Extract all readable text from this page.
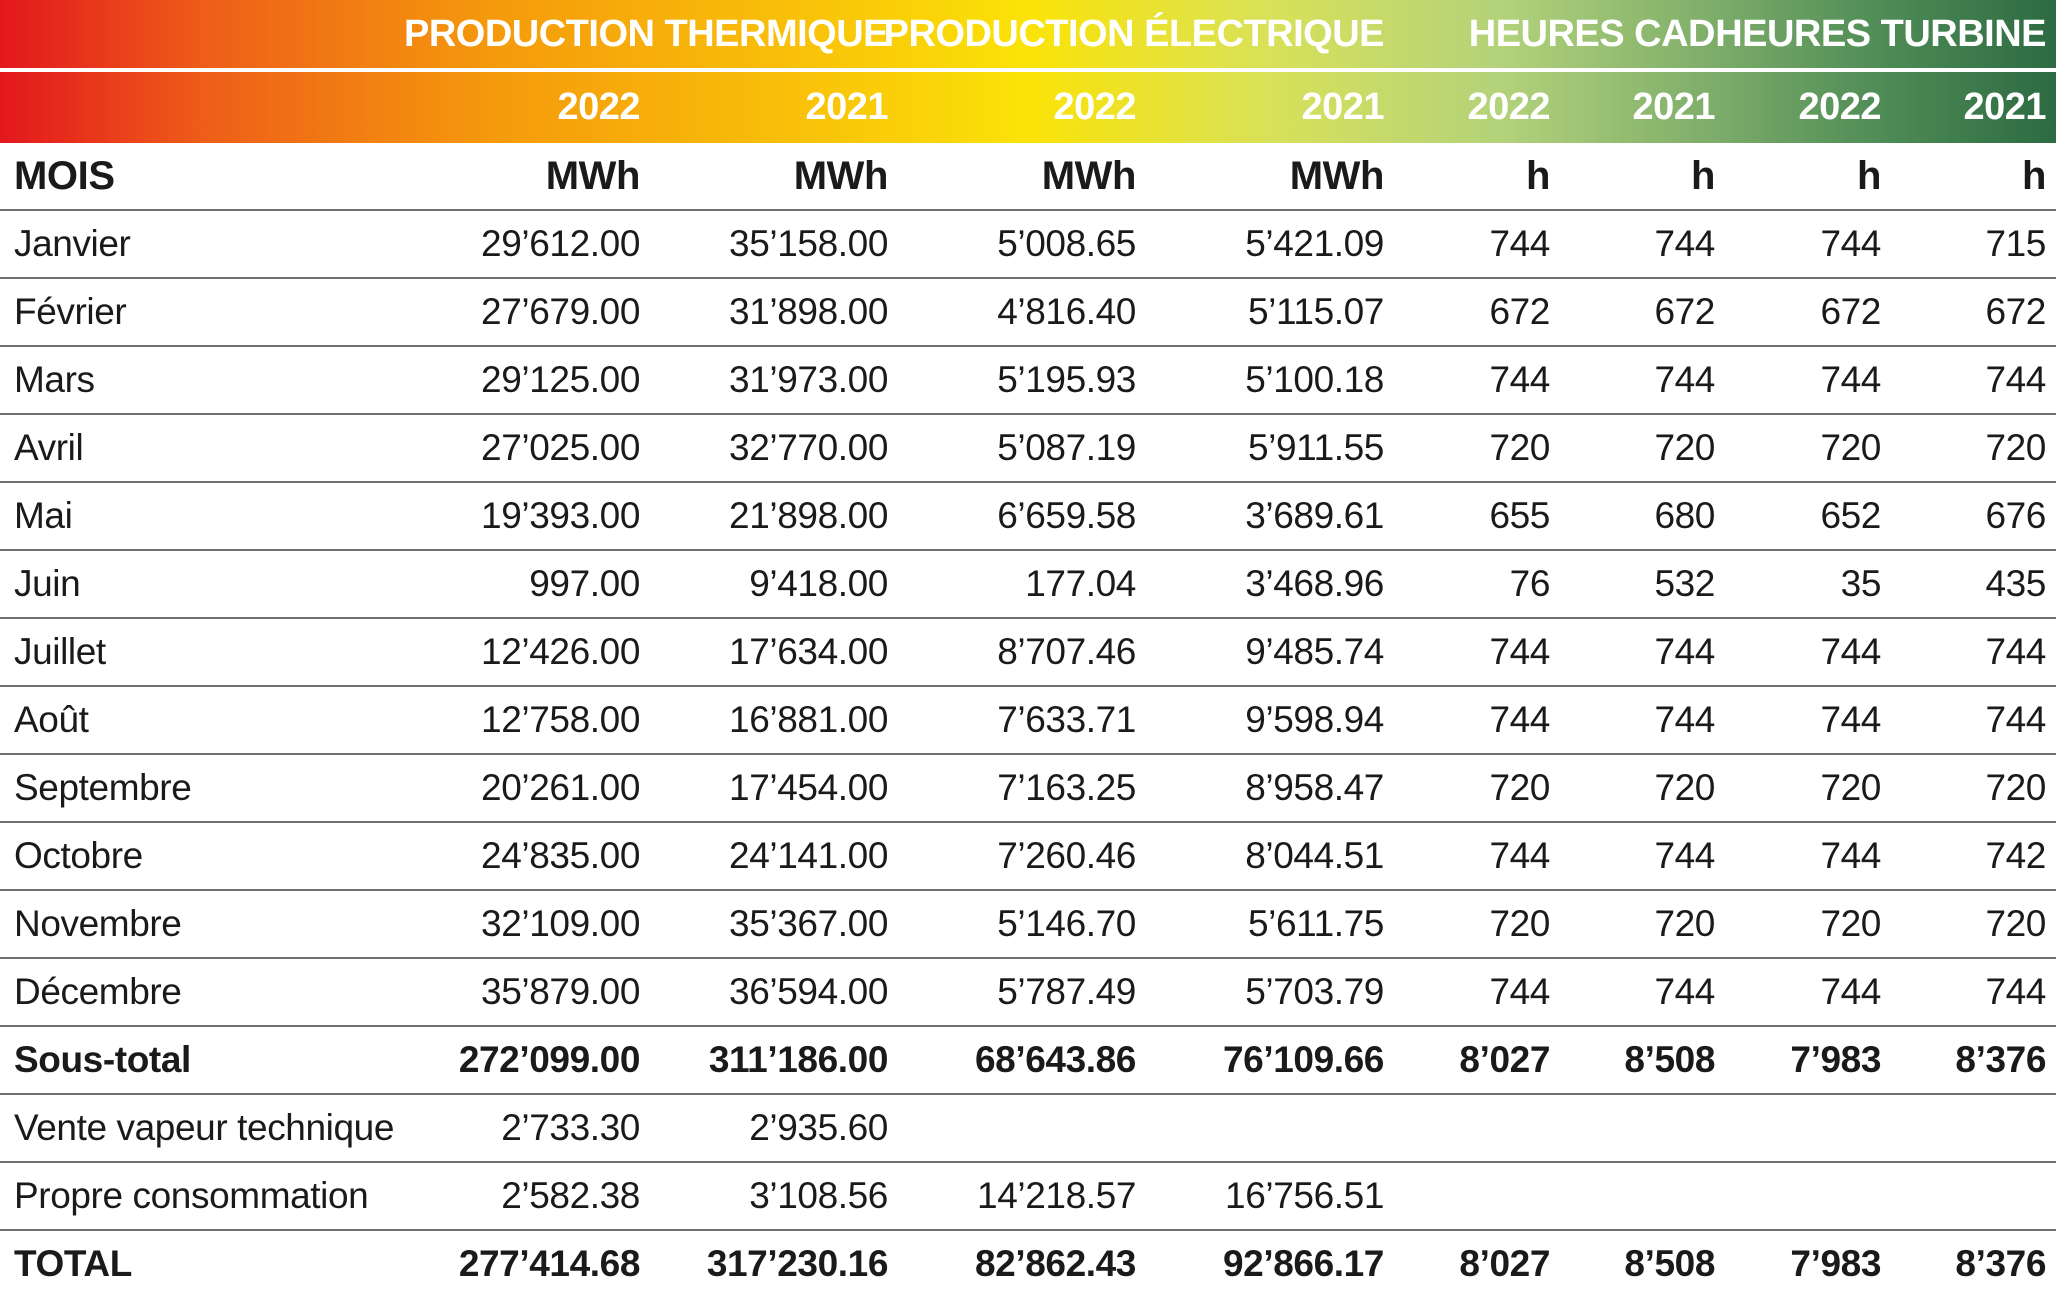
PRODUCTION THERMIQUE
PRODUCTION ÉLECTRIQUE HEURES CAD HEURES TURBINE
2022	2021	2022	2021 2022 2021 2022 2021
MOIS	MWh	MWh	MWh	MWh	h	h	h	h
Janvier	29’612.00 35’158.00	5’008.65	5’421.09	744	744	744	715
Février	27’679.00 31’898.00	4’816.40	5’115.07	672	672	672	672
Mars	29’125.00 31’973.00	5’195.93	5’100.18	744	744	744	744
Avril	27’025.00 32’770.00	5’087.19	5’911.55	720	720	720	720
Mai	19’393.00 21’898.00	6’659.58	3’689.61	655	680	652	676
Juin	997.00	9’418.00	177.04	3’468.96	76	532	35	435
Juillet	12’426.00 17’634.00	8’707.46	9’485.74	744	744	744	744
Août	12’758.00 16’881.00	7’633.71	9’598.94	744	744	744	744
Septembre	20’261.00 17’454.00	7’163.25	8’958.47	720	720	720	720
Octobre	24’835.00 24’141.00	7’260.46	8’044.51	744	744	744	742
Novembre	32’109.00 35’367.00	5’146.70	5’611.75	720	720	720	720
Décembre	35’879.00 36’594.00	5’787.49	5’703.79	744	744	744	744
Sous-total	272’099.00 311’186.00 68’643.86 76’109.66 8’027 8’508 7’983 8’376
Vente vapeur technique	2’733.30	2’935.60
Propre consommation	2’582.38	3’108.56 14’218.57 16’756.51
TOTAL	277’414.68 317’230.16 82’862.43 92’866.17 8’027 8’508 7’983 8’376
